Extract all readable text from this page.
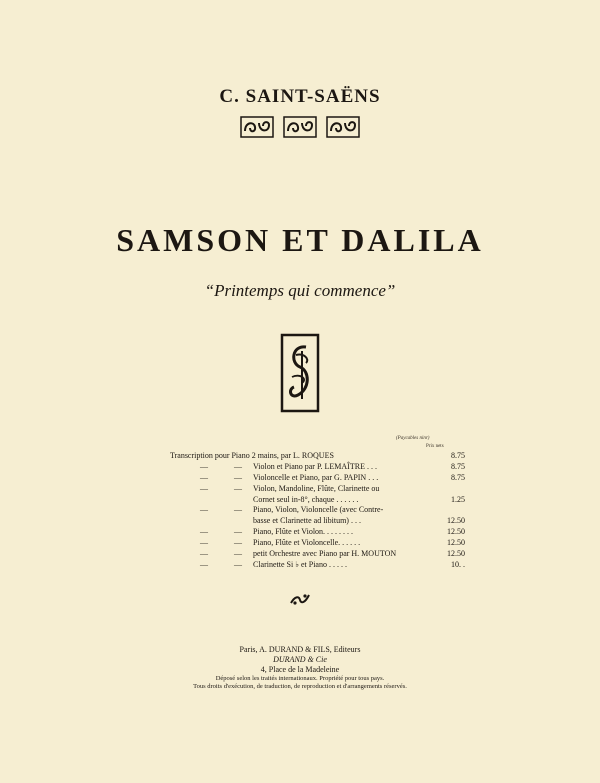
C. SAINT-SAËNS
SAMSON ET DALILA
“Printemps qui commence”
(Paycables ninr)
Prix nets
Transcription pour Piano 2 mains, par L. ROQUES	8.75
—	— Violon et Piano par P. LEMAÎTRE . . .	8.75
—	— Violoncelle et Piano, par G. PAPIN . . .	8.75
—	— Violon, Mandoline, Flûte, Clarinette ou
Cornet seul in-8°, chaque . . . . . .	1.25
—	— Piano, Violon, Violoncelle (avec Contre-
basse et Clarinette ad libitum) . . .	12.50
—	— Piano, Flûte et Violon. . . . . . . .	12.50
—	— Piano, Flûte et Violoncelle. . . . . .	12.50
—	— petit Orchestre avec Piano par H. MOUTON	12.50
—	— Clarinette Si ♭ et Piano . . . . .	10. .
Paris, A. DURAND & FILS, Editeurs
DURAND & Cie
4, Place de la Madeleine
Déposé selon les traités internationaux. Propriété pour tous pays.
Tous droits d'exécution, de traduction, de reproduction et d'arrangements réservés.
